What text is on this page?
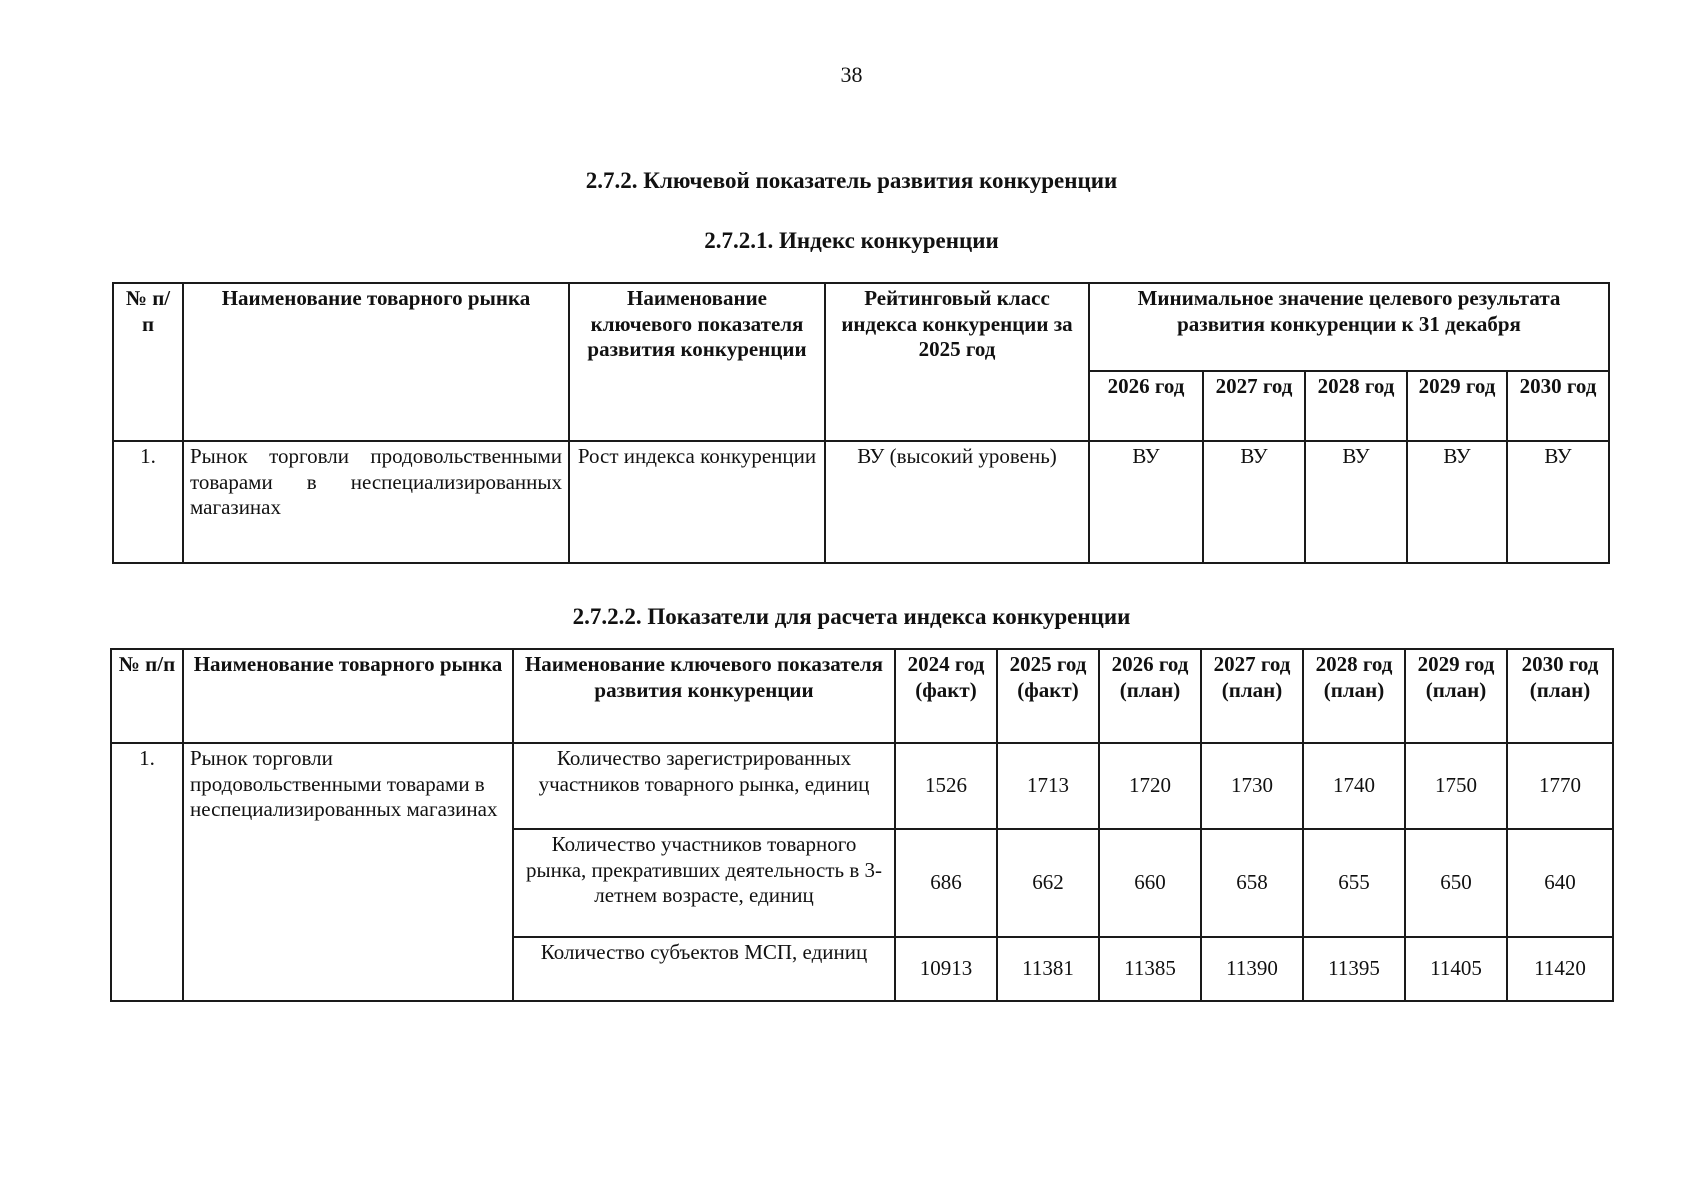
38
2.7.2. Ключевой показатель развития конкуренции
2.7.2.1. Индекс конкуренции
№ п/п	Наименование товарного рынка	Наименование ключевого показателя развития конкуренции	Рейтинговый класс индекса конкуренции за 2025 год	Минимальное значение целевого результата развития конкуренции к 31 декабря				
				2026 год	2027 год	2028 год	2029 год	2030 год
1.	Рынок торговли продовольственными товарами в неспециализированных магазинах	Рост индекса конкуренции	ВУ (высокий уровень)	ВУ	ВУ	ВУ	ВУ	ВУ
2.7.2.2. Показатели для расчета индекса конкуренции
№ п/п	Наименование товарного рынка	Наименование ключевого показателя развития конкуренции	2024 год (факт)	2025 год (факт)	2026 год (план)	2027 год (план)	2028 год (план)	2029 год (план)	2030 год (план)
1.	Рынок торговли продовольственными товарами в неспециализированных магазинах	Количество зарегистрированных участников товарного рынка, единиц	1526	1713	1720	1730	1740	1750	1770
		Количество участников товарного рынка, прекративших деятельность в 3-летнем возрасте, единиц	686	662	660	658	655	650	640
		Количество субъектов МСП, единиц	10913	11381	11385	11390	11395	11405	11420
